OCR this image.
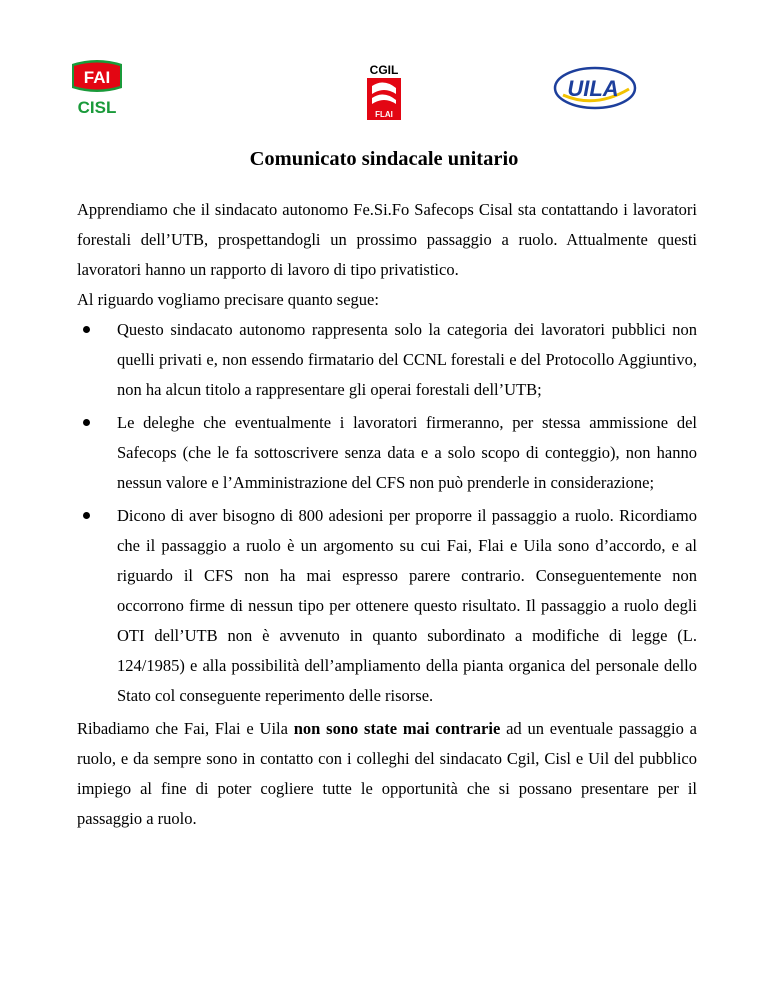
FAI
CISL
CGIL
FLAI
UILA
Comunicato sindacale unitario

Apprendiamo che il sindacato autonomo Fe.Si.Fo Safecops Cisal sta contattando i lavoratori forestali dell’UTB, prospettandogli un prossimo passaggio a ruolo. Attualmente questi lavoratori hanno un rapporto di lavoro di tipo privatistico.

Al riguardo vogliamo precisare quanto segue:

Questo sindacato autonomo rappresenta solo la categoria dei lavoratori pubblici non quelli privati e, non essendo firmatario del CCNL forestali e del Protocollo Aggiuntivo, non ha alcun titolo a rappresentare gli operai forestali dell’UTB;
Le deleghe che eventualmente i lavoratori firmeranno, per stessa ammissione del Safecops (che le fa sottoscrivere senza data e a solo scopo di conteggio), non hanno nessun valore e l’Amministrazione del CFS non può prenderle in considerazione;
Dicono di aver bisogno di 800 adesioni per proporre il passaggio a ruolo. Ricordiamo che il passaggio a ruolo è un argomento su cui Fai, Flai e Uila sono d’accordo, e al riguardo il CFS non ha mai espresso parere contrario. Conseguentemente non occorrono firme di nessun tipo per ottenere questo risultato. Il passaggio a ruolo degli OTI dell’UTB non è avvenuto in quanto subordinato a modifiche di legge (L. 124/1985) e alla possibilità dell’ampliamento della pianta organica del personale dello Stato col conseguente reperimento delle risorse.

Ribadiamo che Fai, Flai e Uila non sono state mai contrarie ad un eventuale passaggio a ruolo, e da sempre sono in contatto con i colleghi del sindacato Cgil, Cisl e Uil del pubblico impiego al fine di poter cogliere tutte le opportunità che si possano presentare per il passaggio a ruolo.
